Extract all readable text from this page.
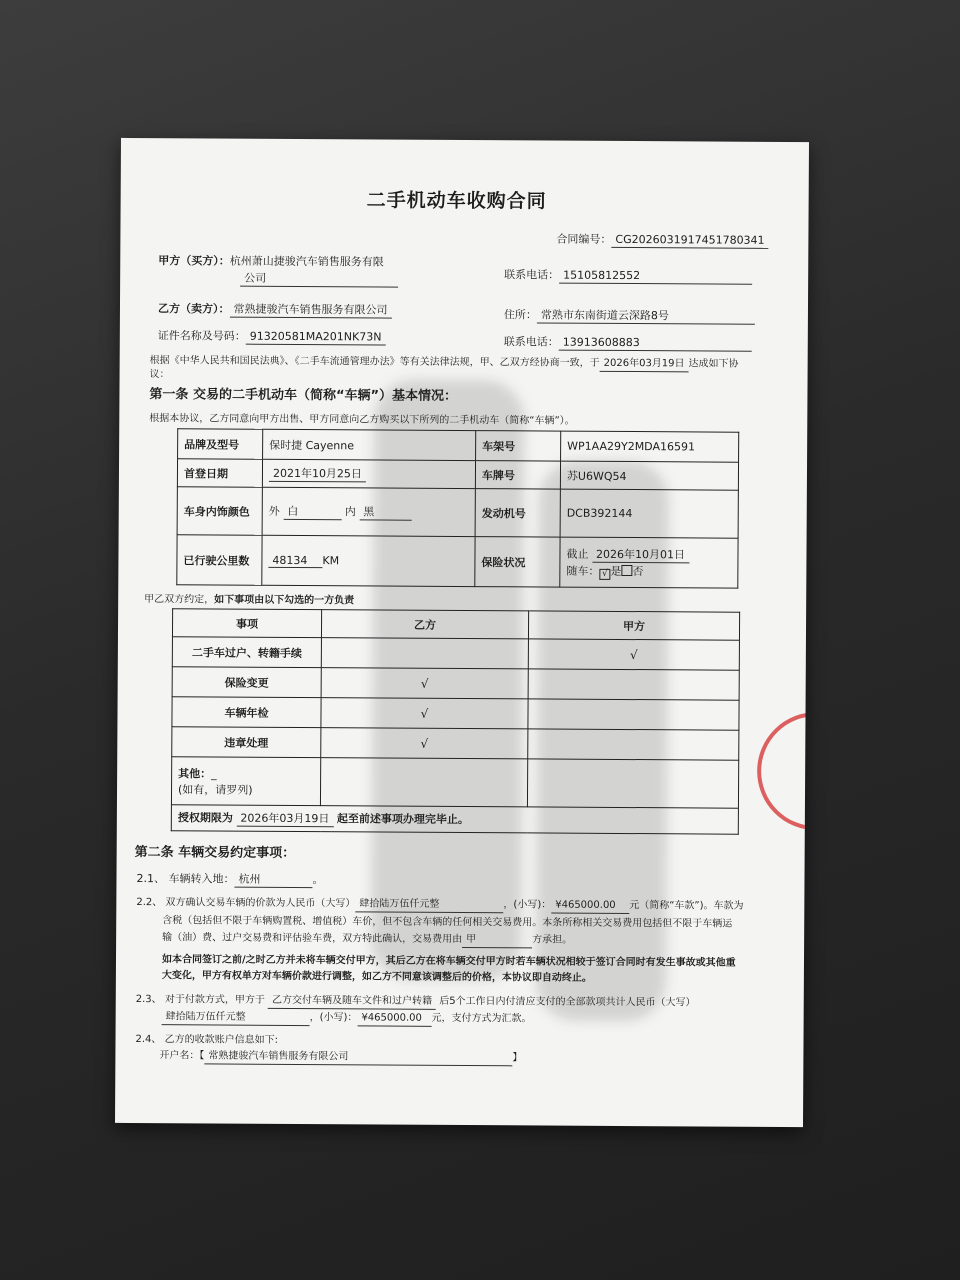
二手机动车收购合同
合同编号： CG2026031917451780341
甲方（买方）：杭州萧山捷骏汽车销售服务有限
公司	联系电话： 15105812552
乙方（卖方）： 常熟捷骏汽车销售服务有限公司	住所： 常熟市东南街道云深路8号
证件名称及号码： 91320581MA201NK73N	联系电话： 13913608883
根据《中华人民共和国民法典》、《二手车流通管理办法》等有关法律法规，甲、乙双方经协商一致，于 2026年03月19日 达成如下协
议：
第一条 交易的二手机动车（简称“车辆”）基本情况：
根据本协议，乙方同意向甲方出售、甲方同意向乙方购买以下所列的二手机动车（简称“车辆”）。
品牌及型号	保时捷 Cayenne	车架号	WP1AA29Y2MDA16591
首登日期	2021年10月25日	车牌号	苏U6WQ54
车身内饰颜色	外 白 内 黑	发动机号	DCB392144
已行驶公里数	48134 KM	保险状况	截止 2026年10月01日
随车： √ 是 否
甲乙双方约定，如下事项由以下勾选的一方负责
事项	乙方	甲方
二手车过户、转籍手续		√
保险变更	√	
车辆年检	√	
违章处理	√	

其他：_
(如有，请罗列)		

授权期限为 2026年03月19日 起至前述事项办理完毕止。		
第二条 车辆交易约定事项：
2.1、 车辆转入地： 杭州	。
2.2、 双方确认交易车辆的价款为人民币（大写） 肆拾陆万伍仟元整	，(小写)： ¥465000.00 元（简称“车款”)。车款为
含税（包括但不限于车辆购置税、增值税）车价，但不包含车辆的任何相关交易费用。本条所称相关交易费用包括但不限于车辆运
输（油）费、过户交易费和评估验车费，双方特此确认，交易费用由 甲	方承担。
如本合同签订之前/之时乙方并未将车辆交付甲方，其后乙方在将车辆交付甲方时若车辆状况相较于签订合同时有发生事故或其他重
大变化，甲方有权单方对车辆价款进行调整，如乙方不同意该调整后的价格，本协议即自动终止。
2.3、 对于付款方式，甲方于 乙方交付车辆及随车文件和过户转籍 后5个工作日内付清应支付的全部款项共计人民币（大写）
肆拾陆万伍仟元整	，(小写)： ¥465000.00 元，支付方式为汇款。
2.4、 乙方的收款账户信息如下:
开户名：【 常熟捷骏汽车销售服务有限公司	】
